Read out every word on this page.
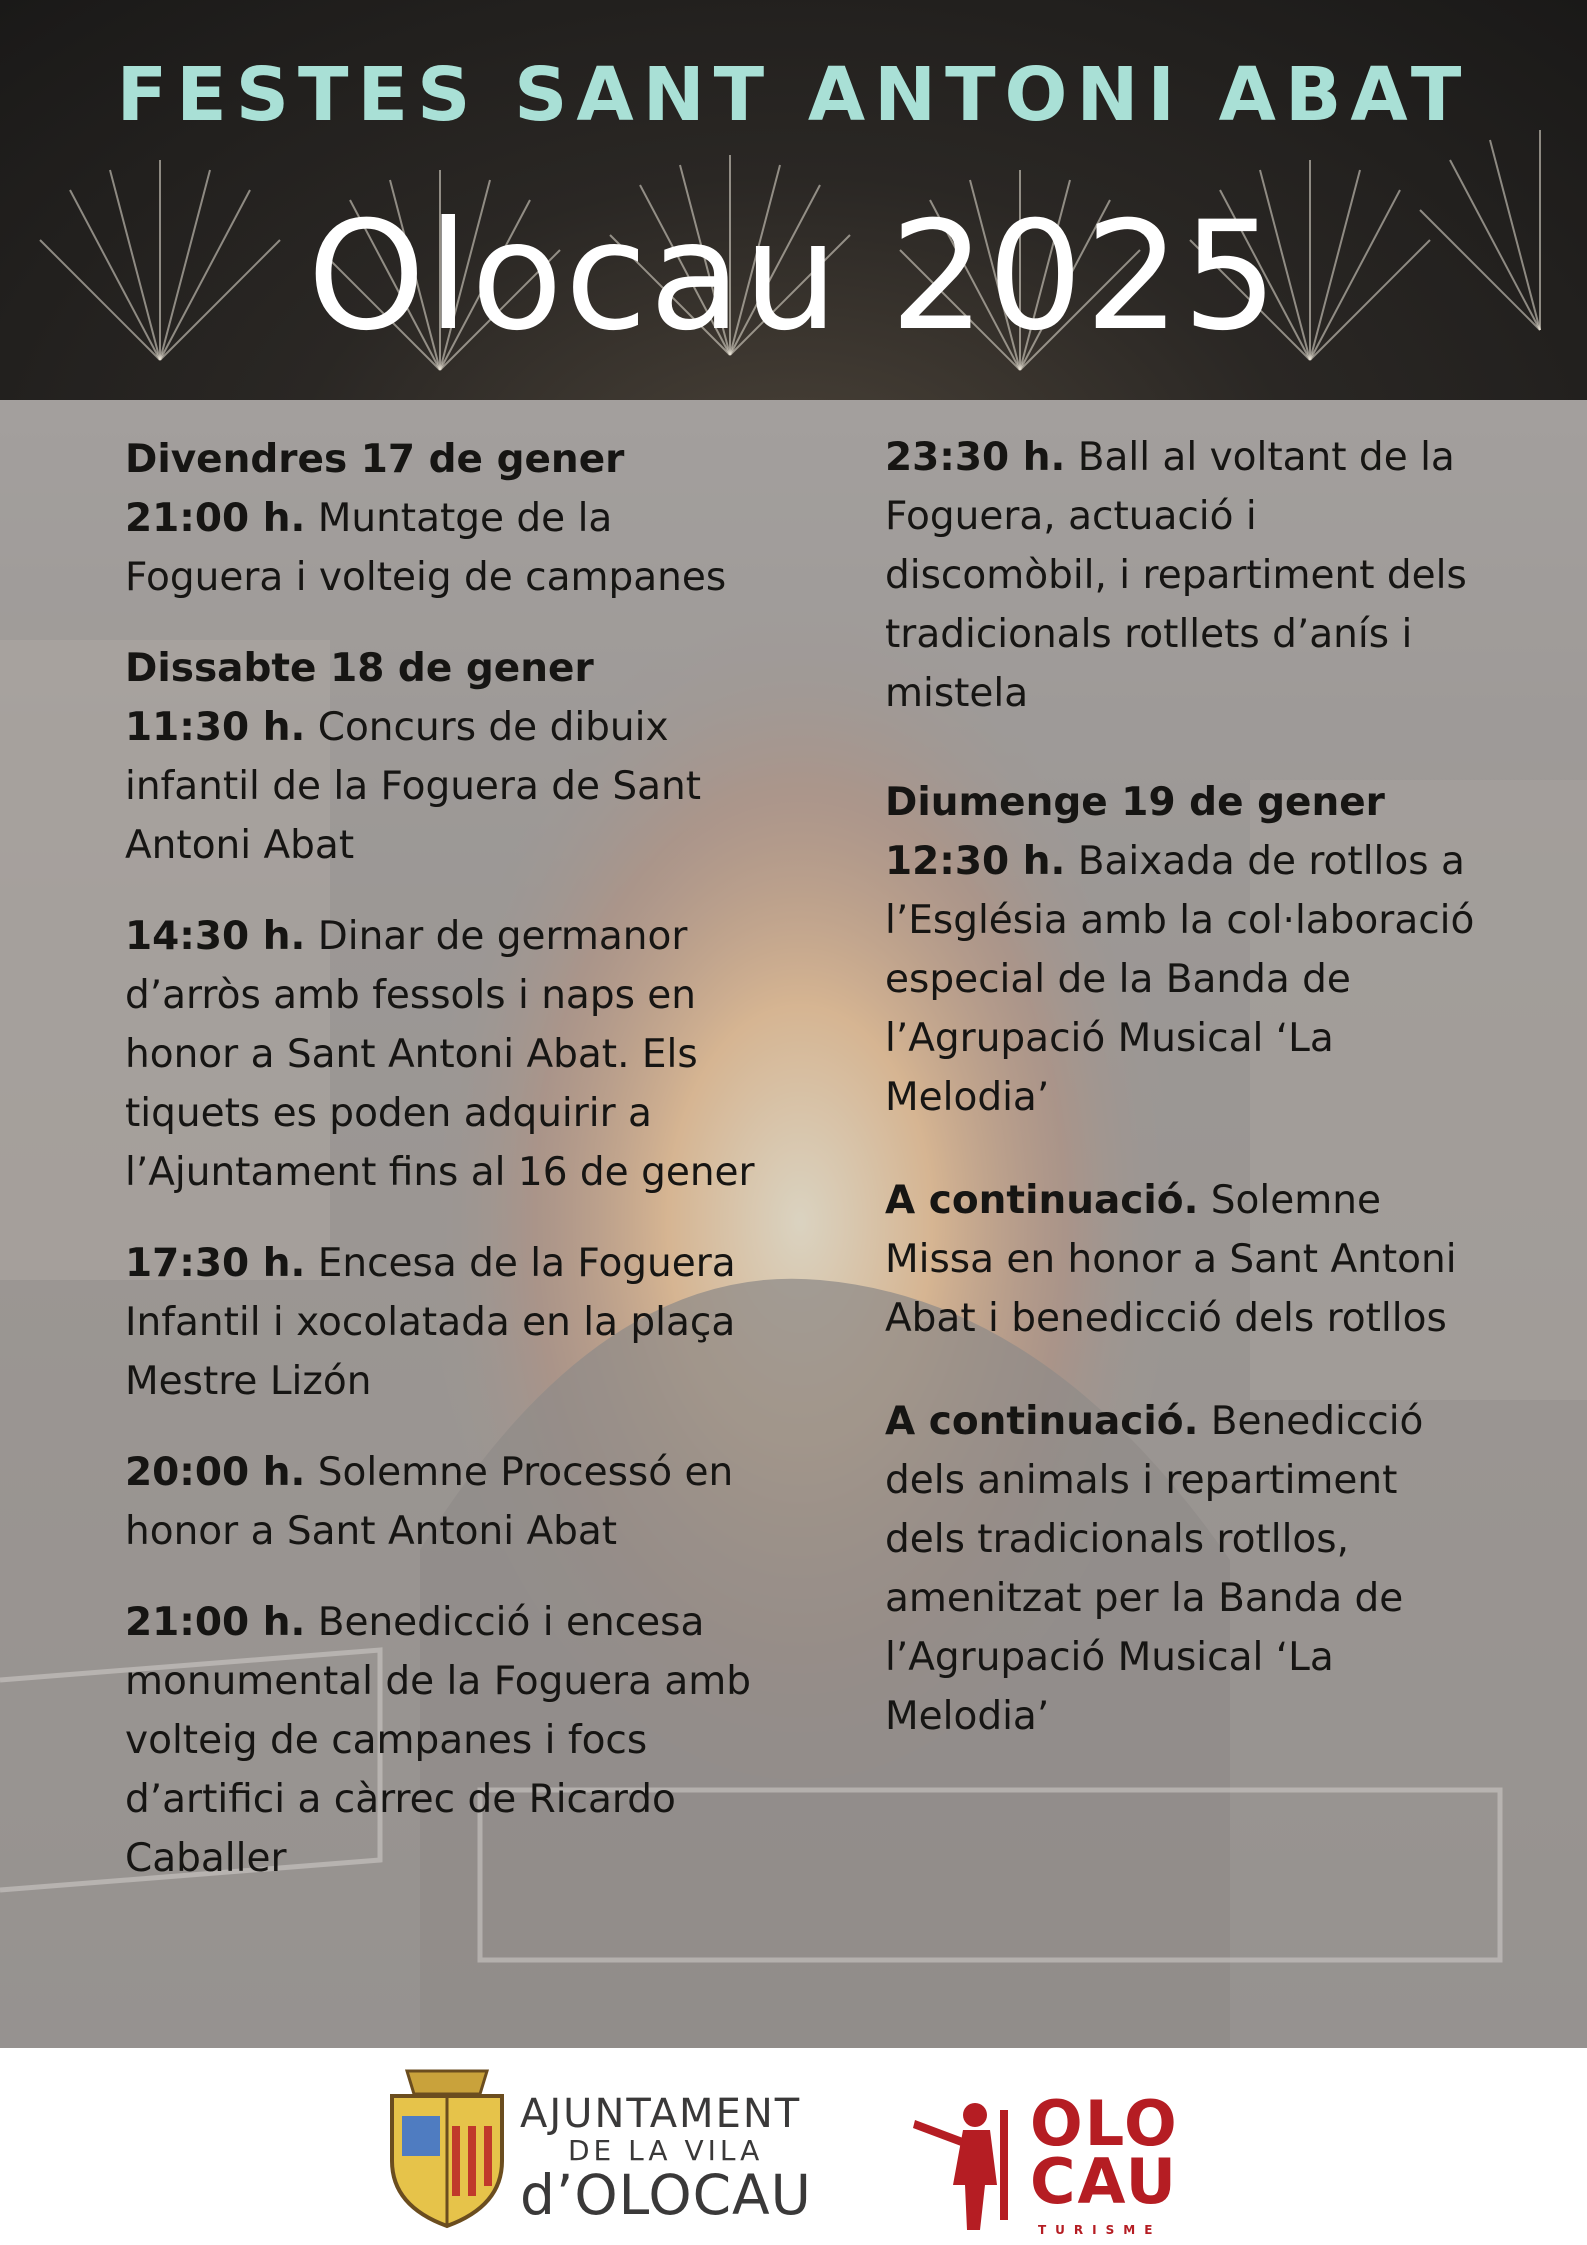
FESTES SANT ANTONI ABAT
Olocau 2025
Divendres 17 de gener
21:00 h. Muntatge de la Foguera i volteig de campanes
Dissabte 18 de gener
11:30 h. Concurs de dibuix infantil de la Foguera de Sant Antoni Abat
14:30 h. Dinar de germanor d’arròs amb fessols i naps en honor a Sant Antoni Abat. Els tiquets es poden adquirir a l’Ajuntament fins al 16 de gener
17:30 h. Encesa de la Foguera Infantil i xocolatada en la plaça Mestre Lizón
20:00 h. Solemne Processó en honor a Sant Antoni Abat
21:00 h. Benedicció i encesa monumental de la Foguera amb volteig de campanes i focs d’artifici a càrrec de Ricardo Caballer
23:30 h. Ball al voltant de la Foguera, actuació i discomòbil, i repartiment dels tradicionals rotllets d’anís i mistela
Diumenge 19 de gener
12:30 h. Baixada de rotllos a l’Església amb la col·laboració especial de la Banda de l’Agrupació Musical ‘La Melodia’
A continuació. Solemne Missa en honor a Sant Antoni Abat i benedicció dels rotllos
A continuació. Benedicció dels animals i repartiment dels tradicionals rotllos, amenitzat per la Banda de l’Agrupació Musical ‘La Melodia’
AJUNTAMENT
DE LA VILA
d’OLOCAU
OLO
CAU
TURISME
